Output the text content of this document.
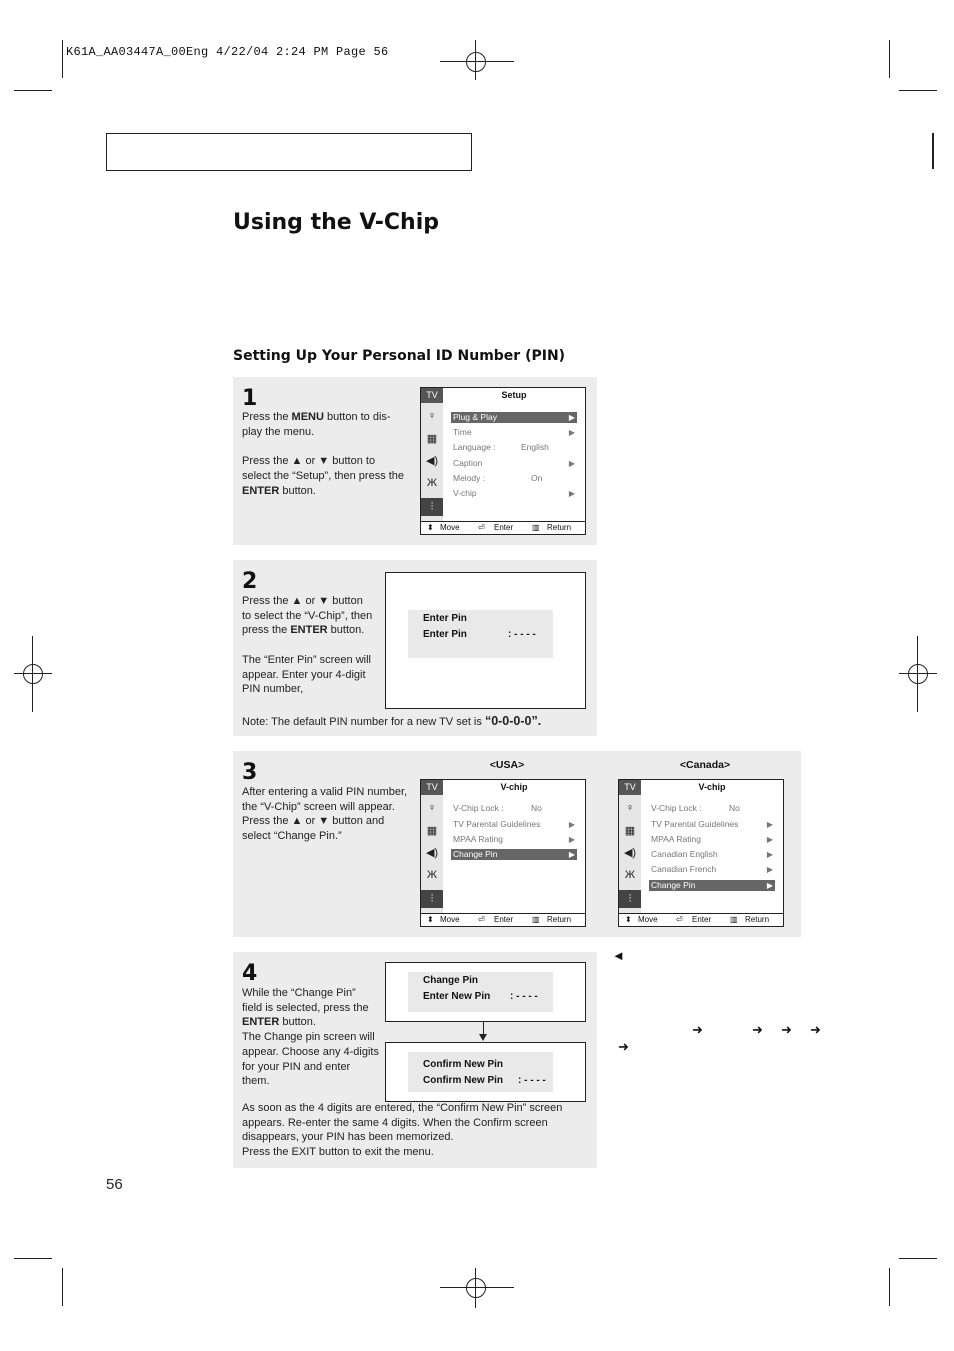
K61A_AA03447A_00Eng 4/22/04 2:24 PM Page 56
Using the V-Chip
Setting Up Your Personal ID Number (PIN)
1
Press the MENU button to dis-
play the menu.

Press the ▲ or ▼ button to
select the “Setup”, then press the
ENTER button.
TV	Setup
♀
▦
◀)
Ж
⫶
Plug & Play	▶
Time	▶
Language :	English
Caption	▶
Melody :	On
V-chip	▶
⬍ Move ⏎ Enter ▥ Return
2
Press the ▲ or ▼ button
to select the “V-Chip”, then
press the ENTER button.

The “Enter Pin” screen will
appear. Enter your 4-digit
PIN number,
Enter Pin
Enter Pin	: - - - -
Note: The default PIN number for a new TV set is “0-0-0-0”.
3
After entering a valid PIN number,
the “V-Chip” screen will appear.
Press the ▲ or ▼ button and
select “Change Pin.”
<USA>	<Canada>
TV	V-chip
♀
▦
◀)
Ж
⫶
V-Chip Lock :	No
TV Parental Guidelines	▶
MPAA Rating	▶
Change Pin	▶
⬍ Move ⏎ Enter ▥ Return
TV	V-chip
♀
▦
◀)
Ж
⫶
V-Chip Lock :	No
TV Parental Guidelines	▶
MPAA Rating	▶
Canadian English	▶
Canadian French	▶
Change Pin	▶
⬍ Move ⏎ Enter ▥ Return
4
While the “Change Pin”
field is selected, press the
ENTER button.
The Change pin screen will
appear. Choose any 4-digits
for your PIN and enter
them.
Change Pin
Enter New Pin : - - - -
Confirm New Pin
Confirm New Pin : - - - -
As soon as the 4 digits are entered, the “Confirm New Pin” screen
appears. Re-enter the same 4 digits. When the Confirm screen
disappears, your PIN has been memorized.
Press the EXIT button to exit the menu.
◄
➜	➜ ➜ ➜
➜
56
